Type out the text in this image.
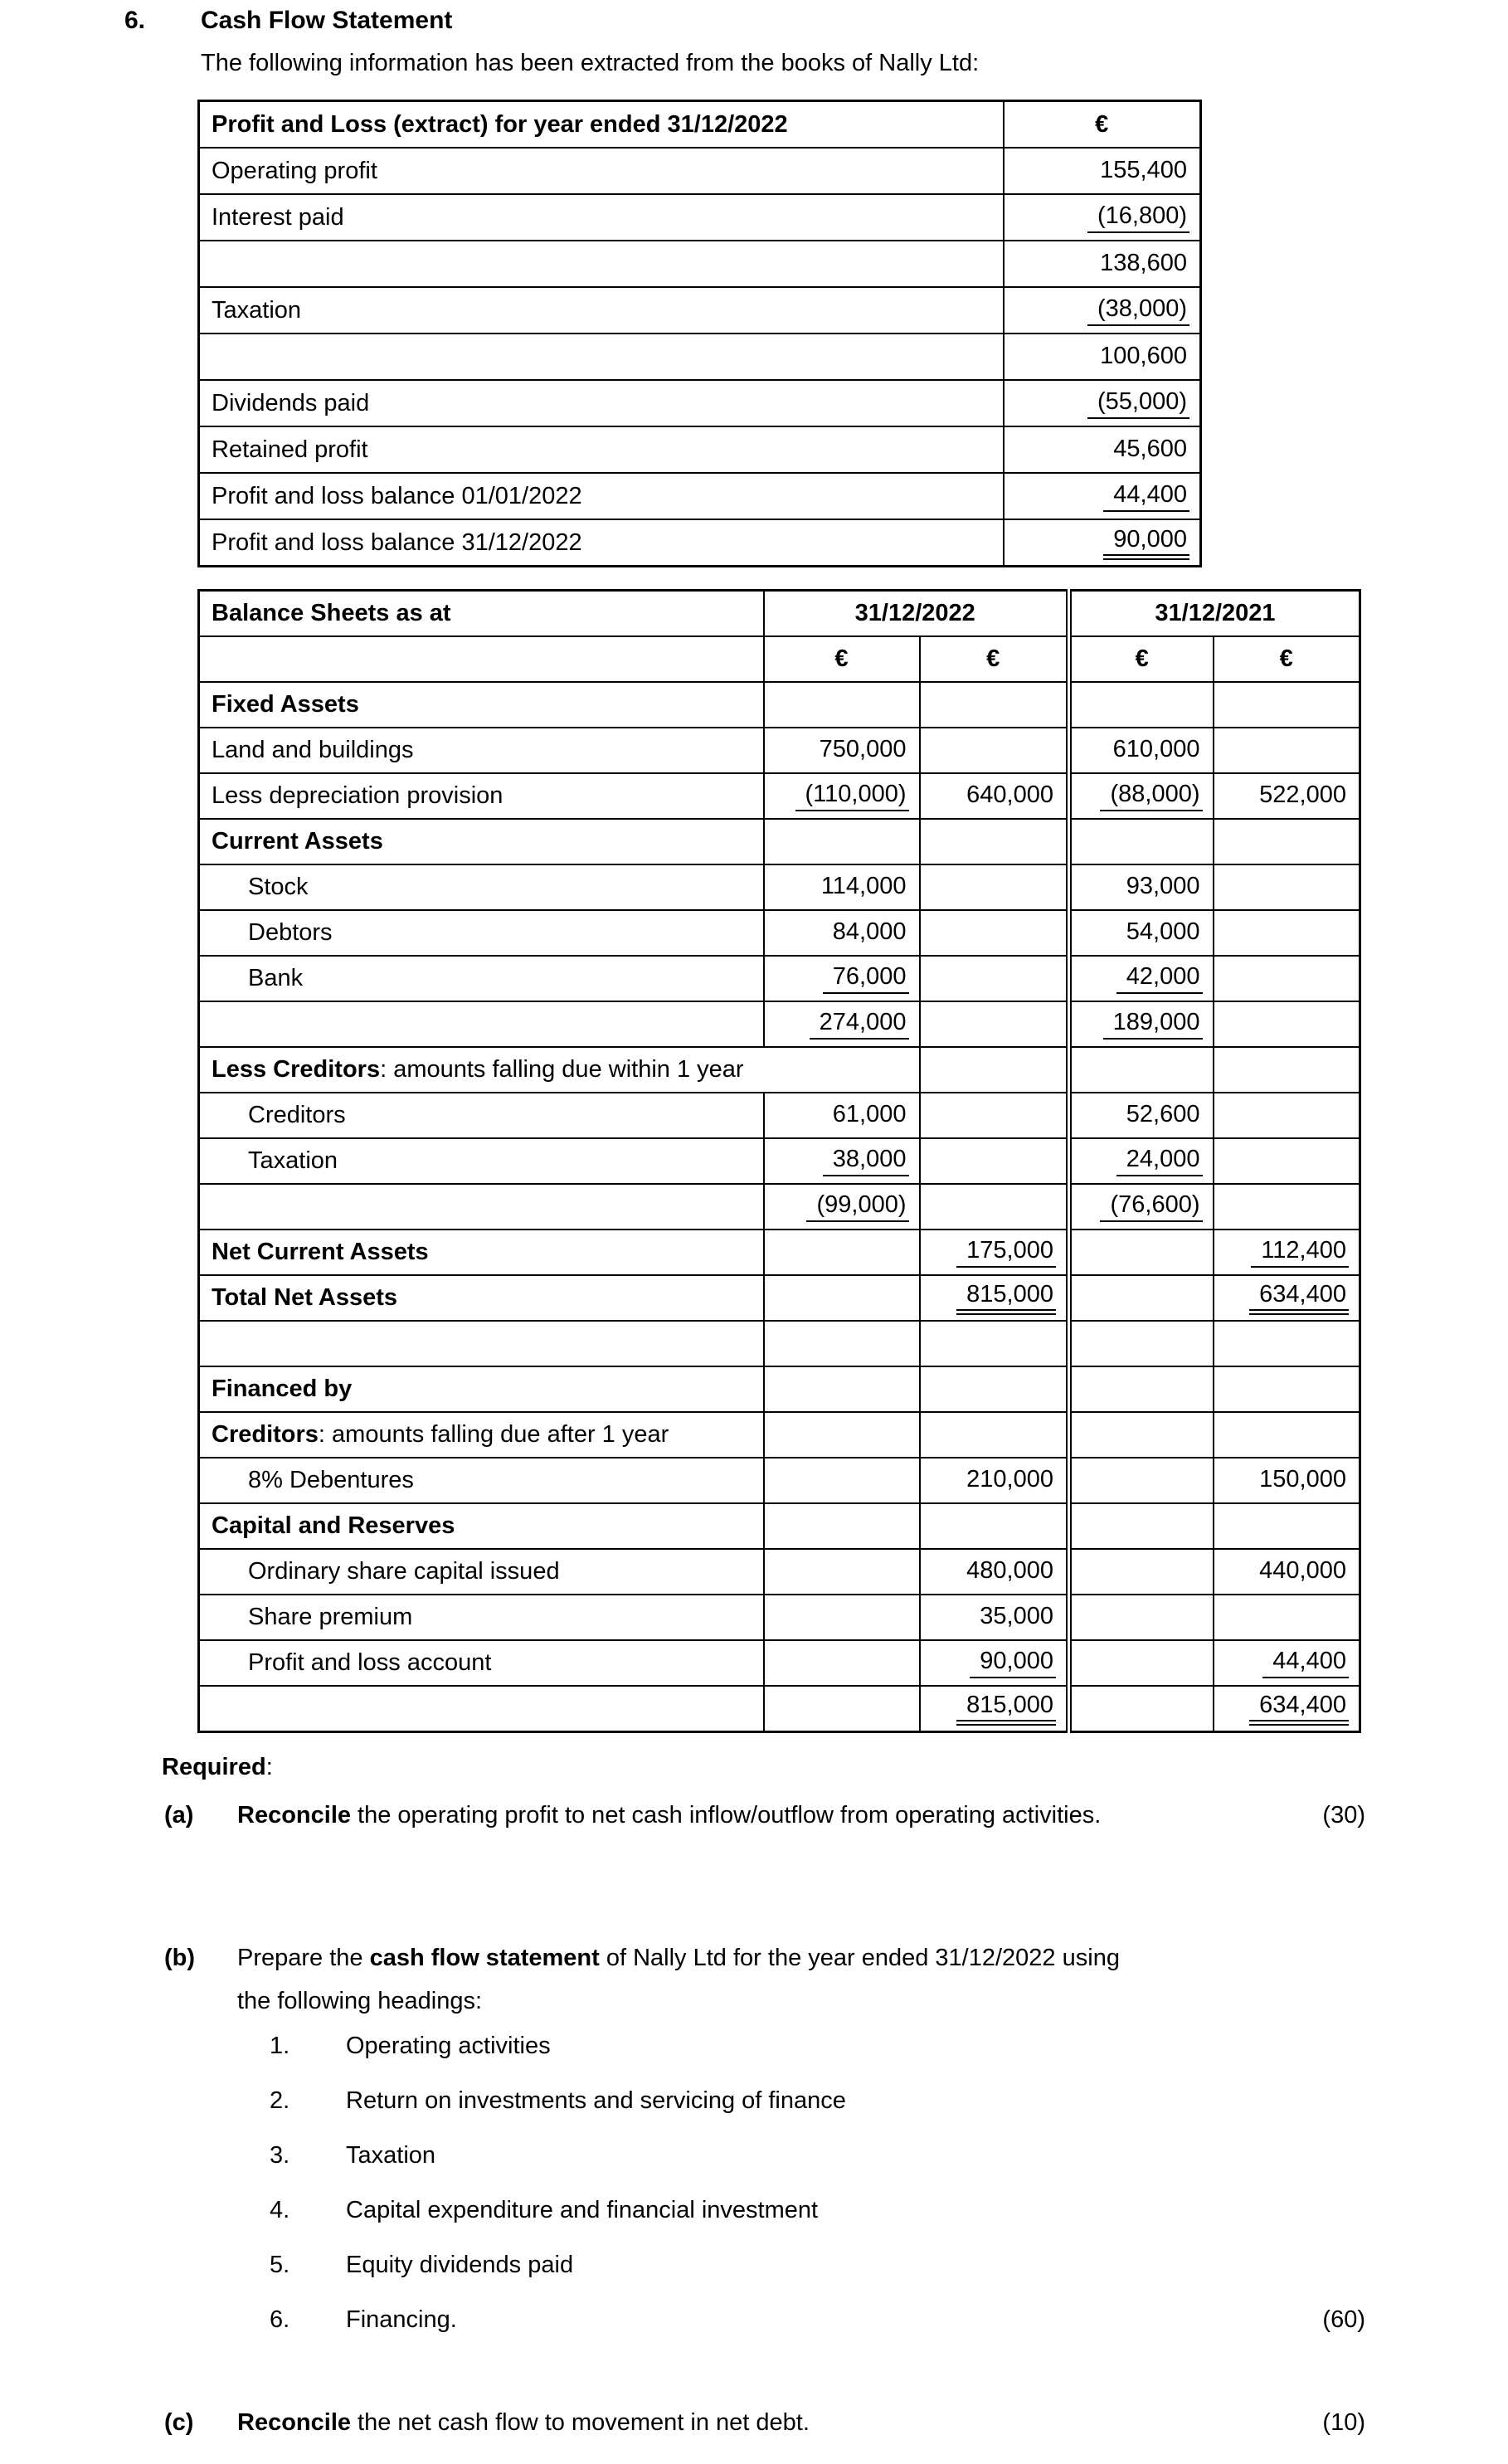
6. Cash Flow Statement
The following information has been extracted from the books of Nally Ltd:
Profit and Loss (extract) for year ended 31/12/2022	€
Operating profit	155,400
Interest paid	(16,800)
	138,600
Taxation	(38,000)
	100,600
Dividends paid	(55,000)
Retained profit	45,600
Profit and loss balance 01/01/2022	44,400
Profit and loss balance 31/12/2022	90,000
Balance Sheets as at	31/12/2022		31/12/2021	
	€	€	€	€
Fixed Assets				
Land and buildings	750,000		610,000	
Less depreciation provision	(110,000)	640,000	(88,000)	522,000
Current Assets				
Stock	114,000		93,000	
Debtors	84,000		54,000	
Bank	76,000		42,000	
	274,000		189,000	
Less Creditors: amounts falling due within 1 year				
Creditors	61,000		52,600	
Taxation	38,000		24,000	
	(99,000)		(76,600)	
Net Current Assets		175,000		112,400
Total Net Assets		815,000		634,400

Financed by				
Creditors: amounts falling due after 1 year				
8% Debentures		210,000		150,000
Capital and Reserves				
Ordinary share capital issued		480,000		440,000
Share premium		35,000		
Profit and loss account		90,000		44,400
		815,000		634,400
Required:
(a) Reconcile the operating profit to net cash inflow/outflow from operating activities.	(30)
(b) Prepare the cash flow statement of Nally Ltd for the year ended 31/12/2022 using
the following headings:
1. Operating activities
2. Return on investments and servicing of finance
3. Taxation
4. Capital expenditure and financial investment
5. Equity dividends paid
6. Financing.	(60)
(c) Reconcile the net cash flow to movement in net debt.	(10)
